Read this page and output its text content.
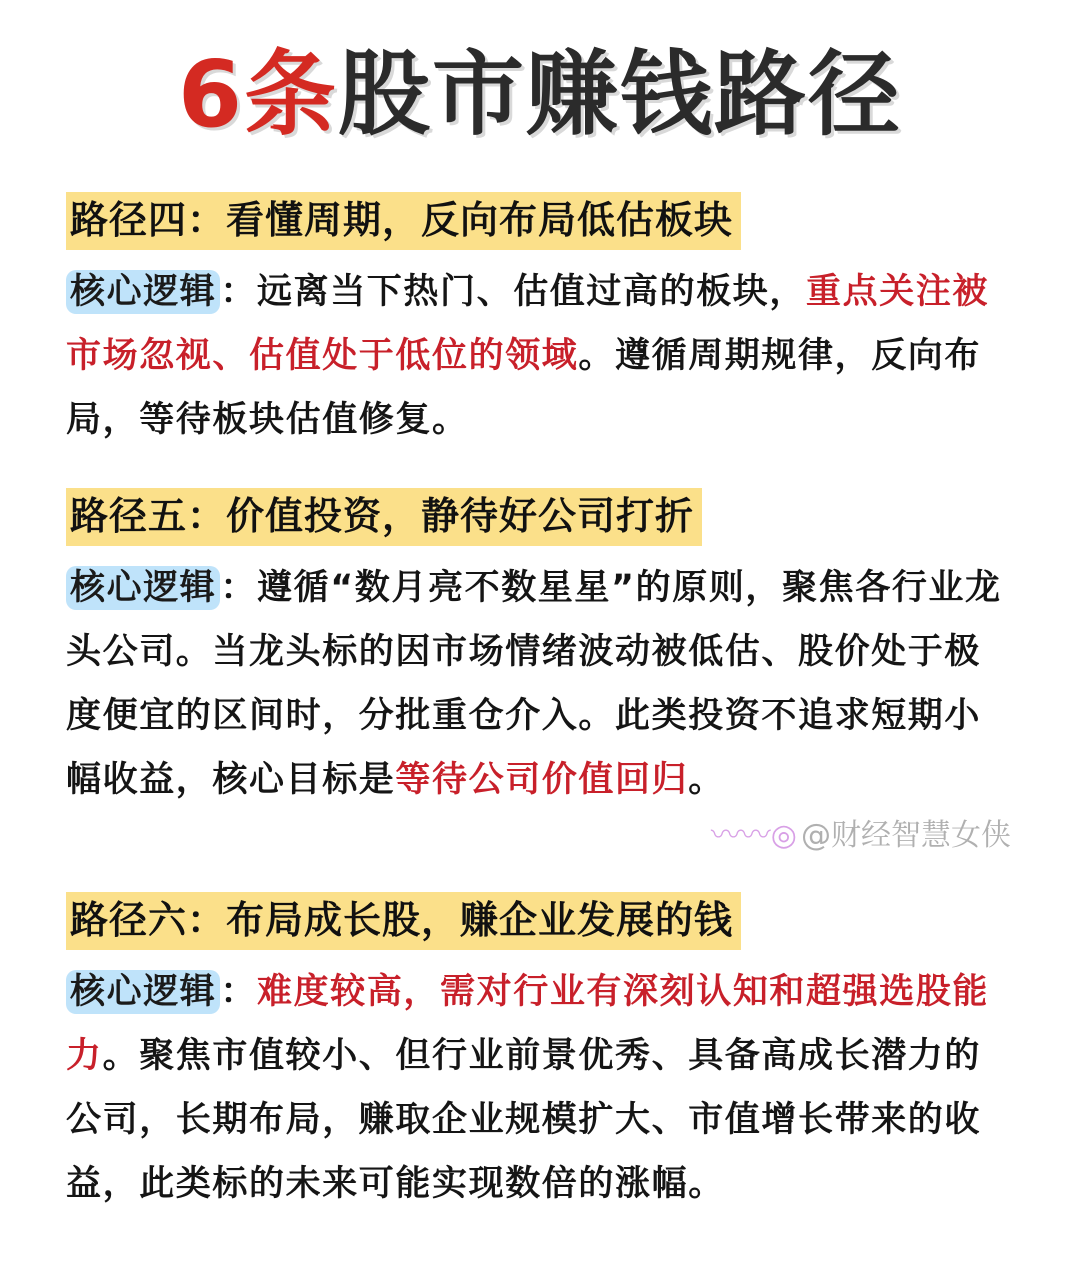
6条股市赚钱路径
路径四：看懂周期，反向布局低估板块
核心逻辑 ：远离当下热门、估值过高的板块，重点关注被市场忽视、估值处于低位的领域。遵循周期规律，反向布局，等待板块估值修复。
路径五：价值投资，静待好公司打折
核心逻辑 ：遵循“数月亮不数星星”的原则，聚焦各行业龙头公司。当龙头标的因市场情绪波动被低估、股价处于极度便宜的区间时，分批重仓介入。此类投资不追求短期小幅收益，核心目标是等待公司价值回归。
〰〰◎ @财经智慧女侠
路径六：布局成长股，赚企业发展的钱
核心逻辑 ：难度较高，需对行业有深刻认知和超强选股能力。聚焦市值较小、但行业前景优秀、具备高成长潜力的公司，长期布局，赚取企业规模扩大、市值增长带来的收益，此类标的未来可能实现数倍的涨幅。
